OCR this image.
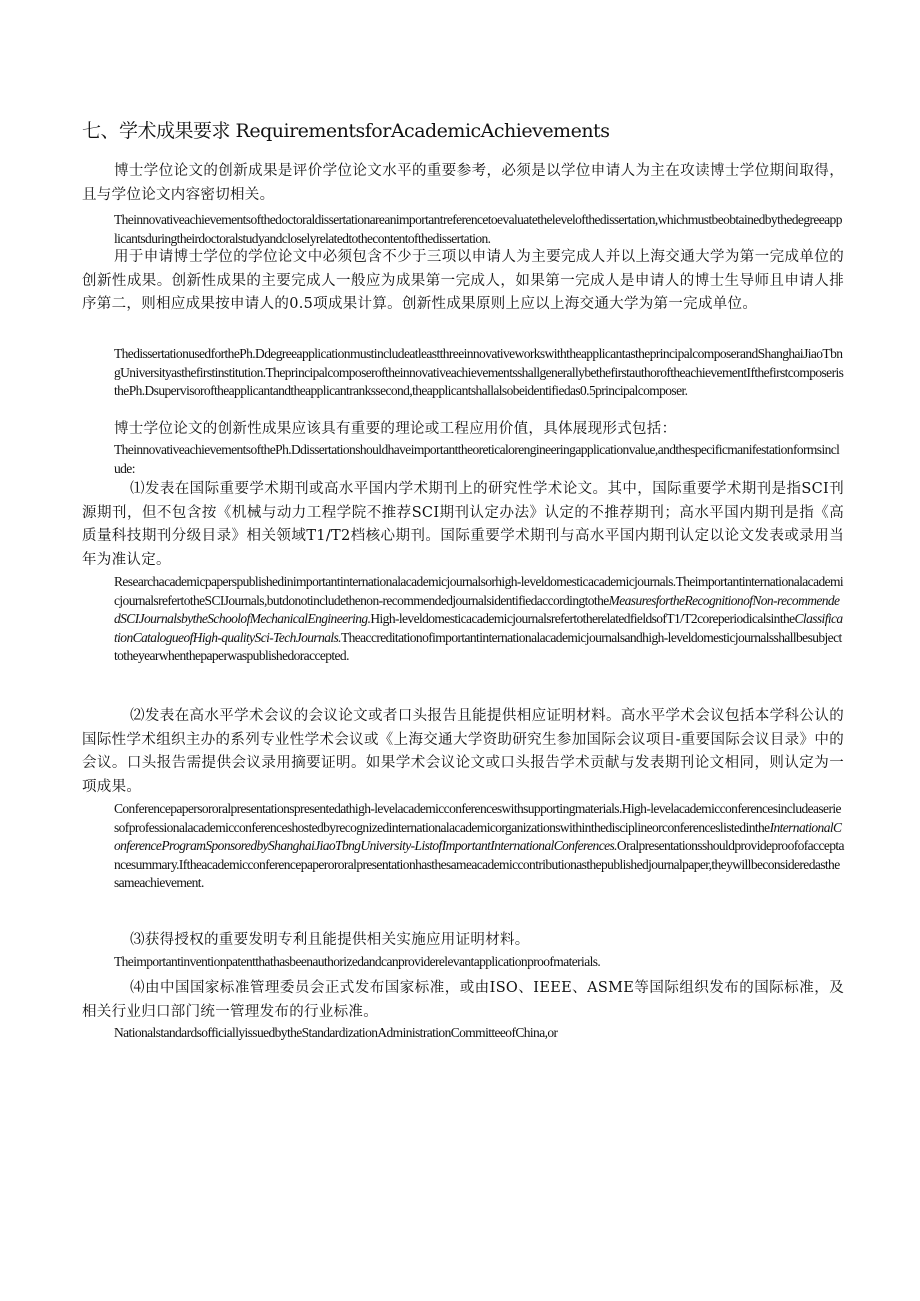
七、学术成果要求 RequirementsforAcademicAchievements
博士学位论文的创新成果是评价学位论文水平的重要参考，必须是以学位申请人为主在攻读博士学位期间取得，且与学位论文内容密切相关。
Theinnovativeachievementsofthedoctoraldissertationareanimportantreferencetoevaluatethelevelofthedissertation,whichmustbeobtainedbythedegreeapplicantsduringtheirdoctoralstudyandcloselyrelatedtothecontentofthedissertation.
用于申请博士学位的学位论文中必须包含不少于三项以申请人为主要完成人并以上海交通大学为第一完成单位的创新性成果。创新性成果的主要完成人一般应为成果第一完成人，如果第一完成人是申请人的博士生导师且申请人排序第二，则相应成果按申请人的0.5项成果计算。创新性成果原则上应以上海交通大学为第一完成单位。
ThedissertationusedforthePh.DdegreeapplicationmustincludeatleastthreeinnovativeworkswiththeapplicantastheprincipalcomposerandShanghaiJiaoTbngUniversityasthefirstinstitution.TheprincipalcomposeroftheinnovativeachievementsshallgenerallybethefirstauthoroftheachievementIfthefirstcomposeristhePh.Dsupervisoroftheapplicantandtheapplicantrankssecond,theapplicantshallalsobeidentifiedas0.5principalcomposer.
博士学位论文的创新性成果应该具有重要的理论或工程应用价值，具体展现形式包括：
TheinnovativeachievementsofthePh.Ddissertationshouldhaveimportanttheoreticalorengineeringapplicationvalue,andthespecificmanifestationformsinclude:
⑴发表在国际重要学术期刊或高水平国内学术期刊上的研究性学术论文。其中，国际重要学术期刊是指SCI刊源期刊，但不包含按《机械与动力工程学院不推荐SCI期刊认定办法》认定的不推荐期刊；高水平国内期刊是指《高质量科技期刊分级目录》相关领域T1/T2档核心期刊。国际重要学术期刊与高水平国内期刊认定以论文发表或录用当年为准认定。
Researchacademicpaperspublishedinimportantinternationalacademicjournalsorhigh-leveldomesticacademicjournals.TheimportantinternationalacademicjournalsrefertotheSCIJournals,butdonotincludethenon-recommendedjournalsidentifiedaccordingtotheMeasuresfortheRecognitionofNon-recommendedSCIJournalsbytheSchoolofMechanicalEngineering.High-leveldomesticacademicjournalsrefertotherelatedfieldsofT1/T2coreperiodicalsintheClassificationCatalogueofHigh-qualitySci-TechJournals.Theaccreditationofimportantinternationalacademicjournalsandhigh-leveldomesticjournalsshallbesubjecttotheyearwhenthepaperwaspublishedoraccepted.
⑵发表在高水平学术会议的会议论文或者口头报告且能提供相应证明材料。高水平学术会议包括本学科公认的国际性学术组织主办的系列专业性学术会议或《上海交通大学资助研究生参加国际会议项目-重要国际会议目录》中的会议。口头报告需提供会议录用摘要证明。如果学术会议论文或口头报告学术贡献与发表期刊论文相同，则认定为一项成果。
Conferencepapersororalpresentationspresentedathigh-levelacademicconferenceswithsupportingmaterials.High-levelacademicconferencesincludeaseriesofprofessionalacademicconferenceshostedbyrecognizedinternationalacademicorganizationswithinthedisciplineorconferenceslistedintheInternationalConferenceProgramSponsoredbyShanghaiJiaoTbngUniversity-ListofImportantInternationalConferences.Oralpresentationsshouldprovideproofofacceptancesummary.Iftheacademicconferencepaperororalpresentationhasthesameacademiccontributionasthepublishedjournalpaper,theywillbeconsideredasthesameachievement.
⑶获得授权的重要发明专利且能提供相关实施应用证明材料。
Theimportantinventionpatentthathasbeenauthorizedandcanproviderelevantapplicationproofmaterials.
⑷由中国国家标准管理委员会正式发布国家标准，或由ISO、IEEE、ASME等国际组织发布的国际标准，及相关行业归口部门统一管理发布的行业标准。
NationalstandardsofficiallyissuedbytheStandardizationAdministrationCommitteeofChina,or
